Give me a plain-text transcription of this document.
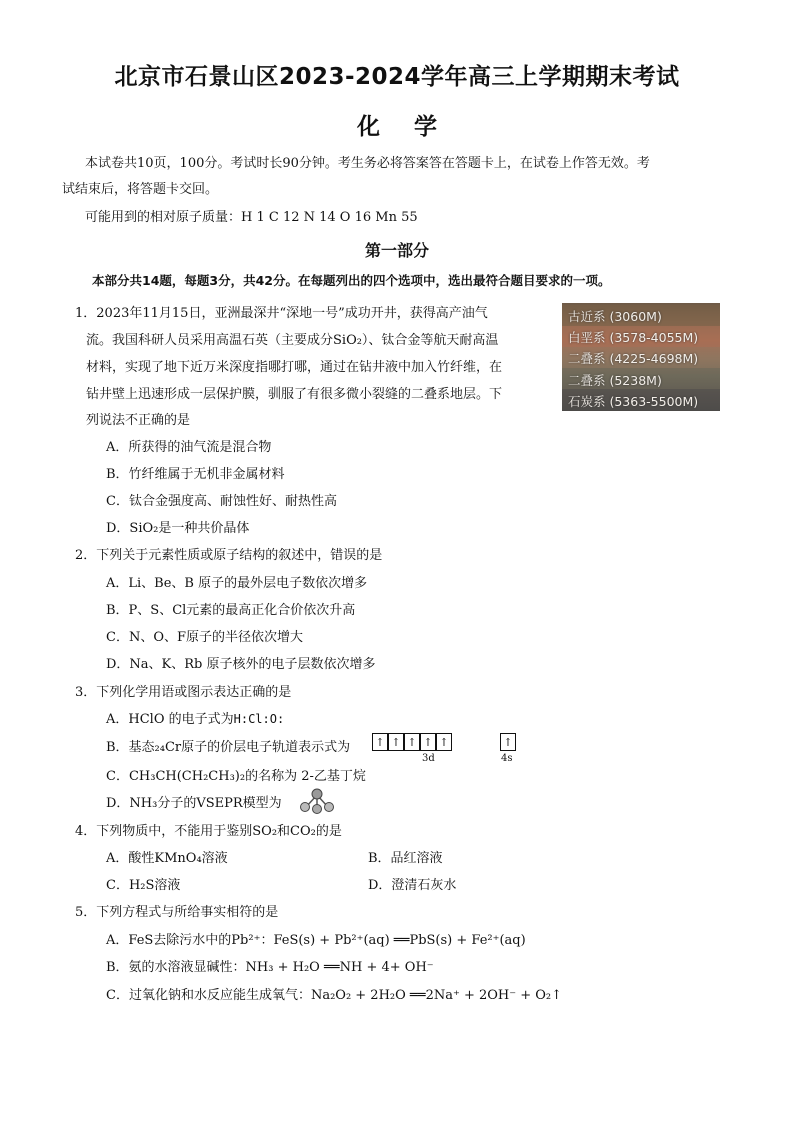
北京市石景山区2023-2024学年高三上学期期末考试
化学
本试卷共10页，100分。考试时长90分钟。考生务必将答案答在答题卡上，在试卷上作答无效。考
试结束后，将答题卡交回。
可能用到的相对原子质量：H 1 C 12 N 14 O 16 Mn 55
第一部分
本部分共14题，每题3分，共42分。在每题列出的四个选项中，选出最符合题目要求的一项。
1．2023年11月15日，亚洲最深井“深地一号”成功开井，获得高产油气
流。我国科研人员采用高温石英（主要成分SiO₂）、钛合金等航天耐高温
材料，实现了地下近万米深度指哪打哪，通过在钻井液中加入竹纤维，在
钻井壁上迅速形成一层保护膜，驯服了有很多微小裂缝的二叠系地层。下
列说法不正确的是
古近系 (3060M)
白垩系 (3578-4055M)
二叠系 (4225-4698M)
二叠系 (5238M)
石炭系 (5363-5500M)
A．所获得的油气流是混合物
B．竹纤维属于无机非金属材料
C．钛合金强度高、耐蚀性好、耐热性高
D．SiO₂是一种共价晶体
2．下列关于元素性质或原子结构的叙述中，错误的是
A．Li、Be、B 原子的最外层电子数依次增多
B．P、S、Cl元素的最高正化合价依次升高
C．N、O、F原子的半径依次增大
D．Na、K、Rb 原子核外的电子层数依次增多
3．下列化学用语或图示表达正确的是
A．HClO 的电子式为H:Cl:O:
B．基态₂₄Cr原子的价层电子轨道表示式为	↑ ↑ ↑ ↑ ↑	↑
3d	4s
C．CH₃CH(CH₂CH₃)₂的名称为 2-乙基丁烷
D．NH₃分子的VSEPR模型为
4．下列物质中，不能用于鉴别SO₂和CO₂的是
A．酸性KMnO₄溶液	B．品红溶液
C．H₂S溶液	D．澄清石灰水
5．下列方程式与所给事实相符的是
A．FeS去除污水中的Pb²⁺：FeS(s) + Pb²⁺(aq) ══PbS(s) + Fe²⁺(aq)
B．氨的水溶液显碱性：NH₃ + H₂O ══NH + 4+ OH⁻
C．过氧化钠和水反应能生成氧气：Na₂O₂ + 2H₂O ══2Na⁺ + 2OH⁻ + O₂↑
